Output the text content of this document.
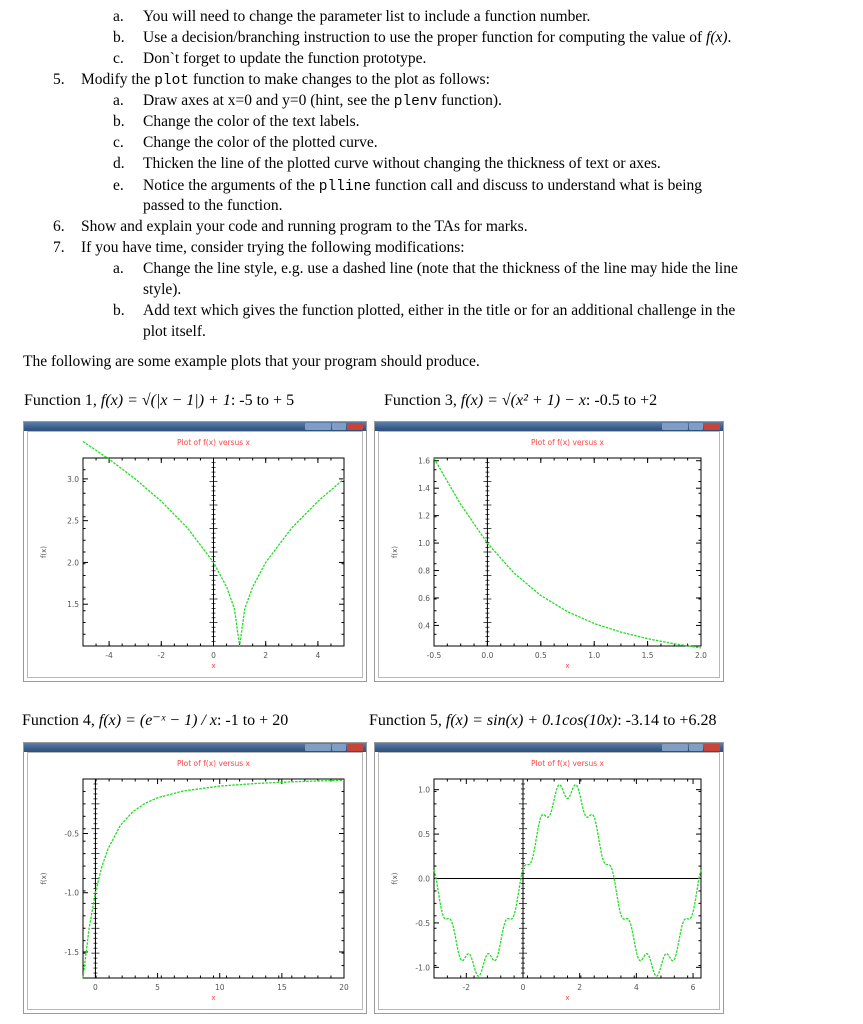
a. You will need to change the parameter list to include a function number.
b. Use a decision/branching instruction to use the proper function for computing the value of f(x).
c. Don`t forget to update the function prototype.
5. Modify the plot function to make changes to the plot as follows:
a. Draw axes at x=0 and y=0 (hint, see the plenv function).
b. Change the color of the text labels.
c. Change the color of the plotted curve.
d. Thicken the line of the plotted curve without changing the thickness of text or axes.
e. Notice the arguments of the plline function call and discuss to understand what is being
passed to the function.
6. Show and explain your code and running program to the TAs for marks.
7. If you have time, consider trying the following modifications:
a. Change the line style, e.g. use a dashed line (note that the thickness of the line may hide the line
style).
b. Add text which gives the function plotted, either in the title or for an additional challenge in the
plot itself.
The following are some example plots that your program should produce.
Function 1, f(x) = √(|x − 1|) + 1: -5 to + 5	Function 3, f(x) = √(x² + 1) − x: -0.5 to +2
Function 4, f(x) = (e⁻ˣ − 1) / x: -1 to + 20	Function 5, f(x) = sin(x) + 0.1cos(10x): -3.14 to +6.28
Plot of f(x) versus x
-4	-2	0	2	4
1.5
2.0
2.5
3.0
x
f(x)
Plot of f(x) versus x
-0.5	0.0	0.5	1.0	1.5	2.0
0.4
0.6
0.8
1.0
1.2
1.4
1.6
x
f(x)
Plot of f(x) versus x
0	5	10	15	20
-1.5
-1.0
-0.5
x
f(x)
Plot of f(x) versus x
-2	0	2	4	6
-1.0
-0.5
0.0
0.5
1.0
x
f(x)
